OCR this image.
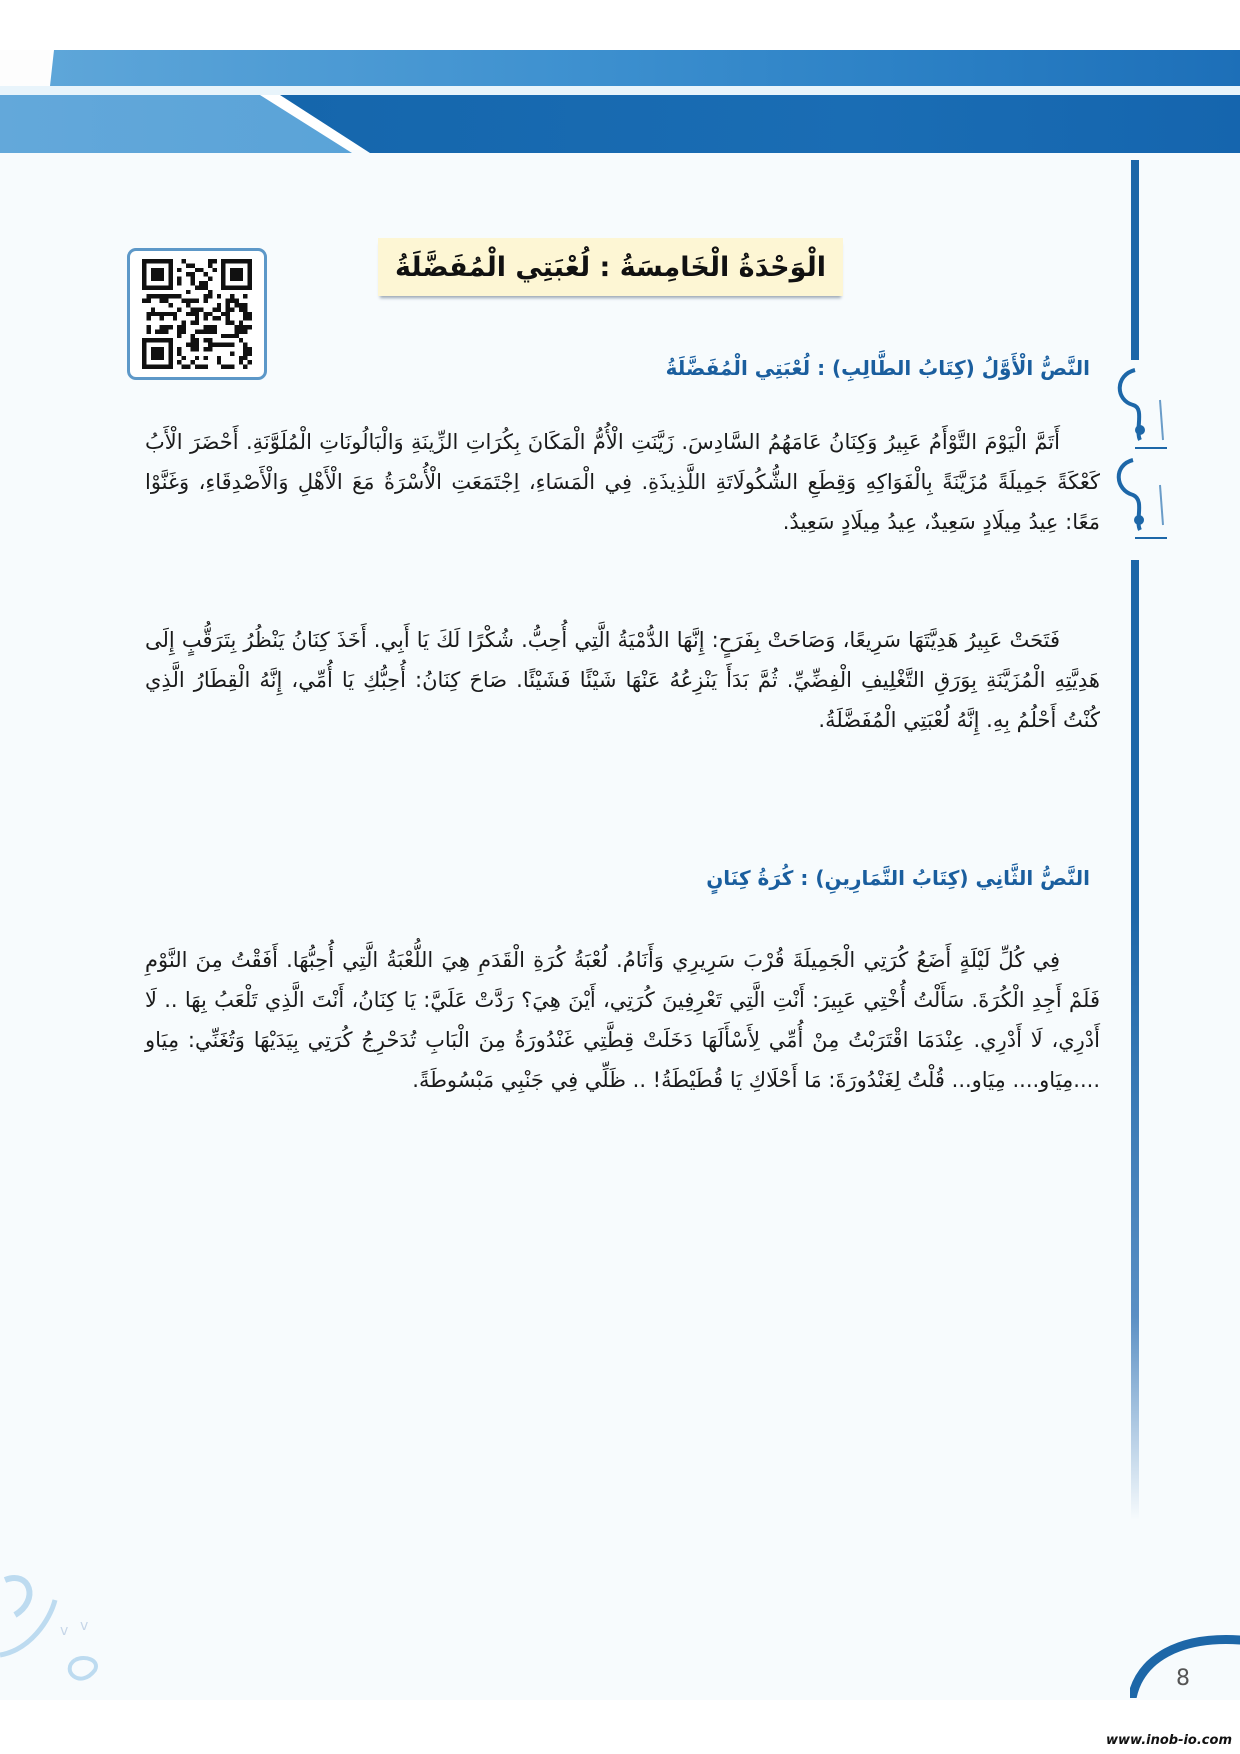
الْوَحْدَةُ الْخَامِسَةُ : لُعْبَتِي الْمُفَضَّلَةُ
النَّصُّ الْأَوَّلُ (كِتَابُ الطَّالِبِ) : لُعْبَتِي الْمُفَضَّلَةُ

أَتَمَّ الْيَوْمَ التَّوْأَمُ عَبِيرُ وَكِنَانُ عَامَهُمُ السَّادِسَ. زَيَّنَتِ الْأُمُّ الْمَكَانَ بِكُرَاتِ الزِّينَةِ وَالْبَالُونَاتِ الْمُلَوَّنَةِ. أَحْضَرَ الْأَبُ كَعْكَةً جَمِيلَةً مُزَيَّنَةً بِالْفَوَاكِهِ وَقِطَعِ الشُّكُولَاتَةِ اللَّذِيذَةِ. فِي الْمَسَاءِ، اِجْتَمَعَتِ الْأُسْرَةُ مَعَ الْأَهْلِ وَالْأَصْدِقَاءِ، وَغَنَّوْا مَعًا: عِيدُ مِيلَادٍ سَعِيدٌ، عِيدُ مِيلَادٍ سَعِيدٌ.

فَتَحَتْ عَبِيرُ هَدِيَّتَهَا سَرِيعًا، وَصَاحَتْ بِفَرَحٍ: إِنَّهَا الدُّمْيَةُ الَّتِي أُحِبُّ. شُكْرًا لَكَ يَا أَبِي. أَخَذَ كِنَانُ يَنْظُرُ بِتَرَقُّبٍ إِلَى هَدِيَّتِهِ الْمُزَيَّنَةِ بِوَرَقِ التَّغْلِيفِ الْفِضِّيِّ. ثُمَّ بَدَأَ يَنْزِعُهُ عَنْهَا شَيْئًا فَشَيْئًا. صَاحَ كِنَانُ: أُحِبُّكِ يَا أُمِّي، إِنَّهُ الْقِطَارُ الَّذِي كُنْتُ أَحْلُمُ بِهِ. إِنَّهُ لُعْبَتِي الْمُفَضَّلَةُ.

النَّصُّ الثَّانِي (كِتَابُ التَّمَارِينِ) : كُرَةُ كِنَانٍ

فِي كُلِّ لَيْلَةٍ أَضَعُ كُرَتِي الْجَمِيلَةَ قُرْبَ سَرِيرِي وَأَنَامُ. لُعْبَةُ كُرَةِ الْقَدَمِ هِيَ اللُّعْبَةُ الَّتِي أُحِبُّهَا. أَفَقْتُ مِنَ النَّوْمِ فَلَمْ أَجِدِ الْكُرَةَ. سَأَلْتُ أُخْتِي عَبِيرَ: أَنْتِ الَّتِي تَعْرِفِينَ كُرَتِي، أَيْنَ هِيَ؟ رَدَّتْ عَلَيَّ: يَا كِنَانُ، أَنْتَ الَّذِي تَلْعَبُ بِهَا .. لَا أَدْرِي، لَا أَدْرِي. عِنْدَمَا اقْتَرَبْتُ مِنْ أُمِّي لِأَسْأَلَهَا دَخَلَتْ قِطَّتِي غَنْدُورَةُ مِنَ الْبَابِ تُدَحْرِجُ كُرَتِي بِيَدَيْهَا وَتُغَنِّي: مِيَاو ....مِيَاو.... مِيَاو... قُلْتُ لِغَنْدُورَةَ: مَا أَحْلَاكِ يَا قُطَيْطَةُ! .. ظَلِّي فِي جَنْبِي مَبْسُوطَةً.

v v
8
www.inob-io.com
